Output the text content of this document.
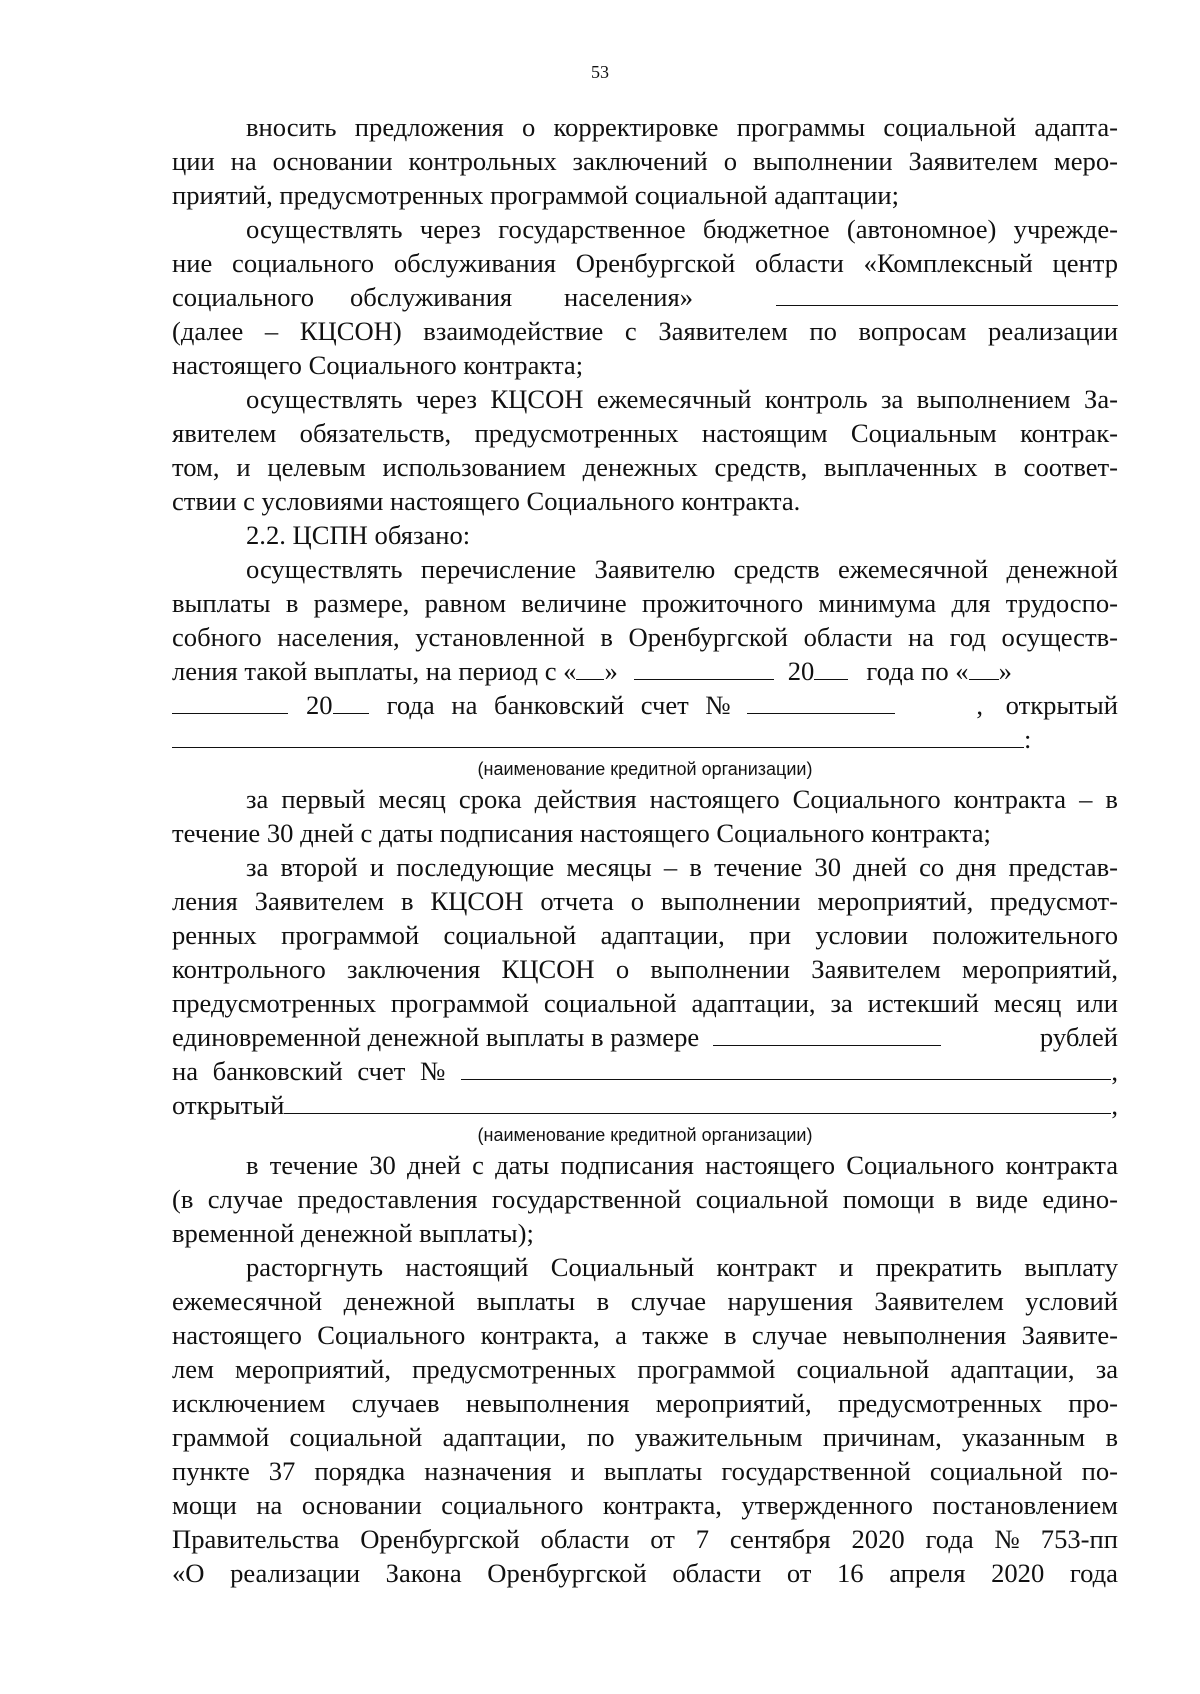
53
вносить предложения о корректировке программы социальной адапта-
ции на основании контрольных заключений о выполнении Заявителем меро-
приятий, предусмотренных программой социальной адаптации;
осуществлять через государственное бюджетное (автономное) учрежде-
ние социального обслуживания Оренбургской области «Комплексный центр
социального	обслуживания	населения»
(далее – КЦСОН) взаимодействие с Заявителем по вопросам реализации
настоящего Социального контракта;
осуществлять через КЦСОН ежемесячный контроль за выполнением За-
явителем обязательств, предусмотренных настоящим Социальным контрак-
том, и целевым использованием денежных средств, выплаченных в соответ-
ствии с условиями настоящего Социального контракта.
2.2. ЦСПН обязано:
осуществлять перечисление Заявителю средств ежемесячной денежной
выплаты в размере, равном величине прожиточного минимума для трудоспо-
собного населения, установленной в Оренбургской области на год осуществ-
ления такой выплаты, на период с « »	20 года по « »
20 года на банковский счет №	, открытый
:
(наименование кредитной организации)
за первый месяц срока действия настоящего Социального контракта – в
течение 30 дней с даты подписания настоящего Социального контракта;
за второй и последующие месяцы – в течение 30 дней со дня представ-
ления Заявителем в КЦСОН отчета о выполнении мероприятий, предусмот-
ренных программой социальной адаптации, при условии положительного
контрольного заключения КЦСОН о выполнении Заявителем мероприятий,
предусмотренных программой социальной адаптации, за истекший месяц или
единовременной денежной выплаты в размере	рублей
на банковский счет №	,
открытый	,
(наименование кредитной организации)
в течение 30 дней с даты подписания настоящего Социального контракта
(в случае предоставления государственной социальной помощи в виде едино-
временной денежной выплаты);
расторгнуть настоящий Социальный контракт и прекратить выплату
ежемесячной денежной выплаты в случае нарушения Заявителем условий
настоящего Социального контракта, а также в случае невыполнения Заявите-
лем мероприятий, предусмотренных программой социальной адаптации, за
исключением случаев невыполнения мероприятий, предусмотренных про-
граммой социальной адаптации, по уважительным причинам, указанным в
пункте 37 порядка назначения и выплаты государственной социальной по-
мощи на основании социального контракта, утвержденного постановлением
Правительства Оренбургской области от 7 сентября 2020 года № 753-пп
«О реализации Закона Оренбургской области от 16 апреля 2020 года
